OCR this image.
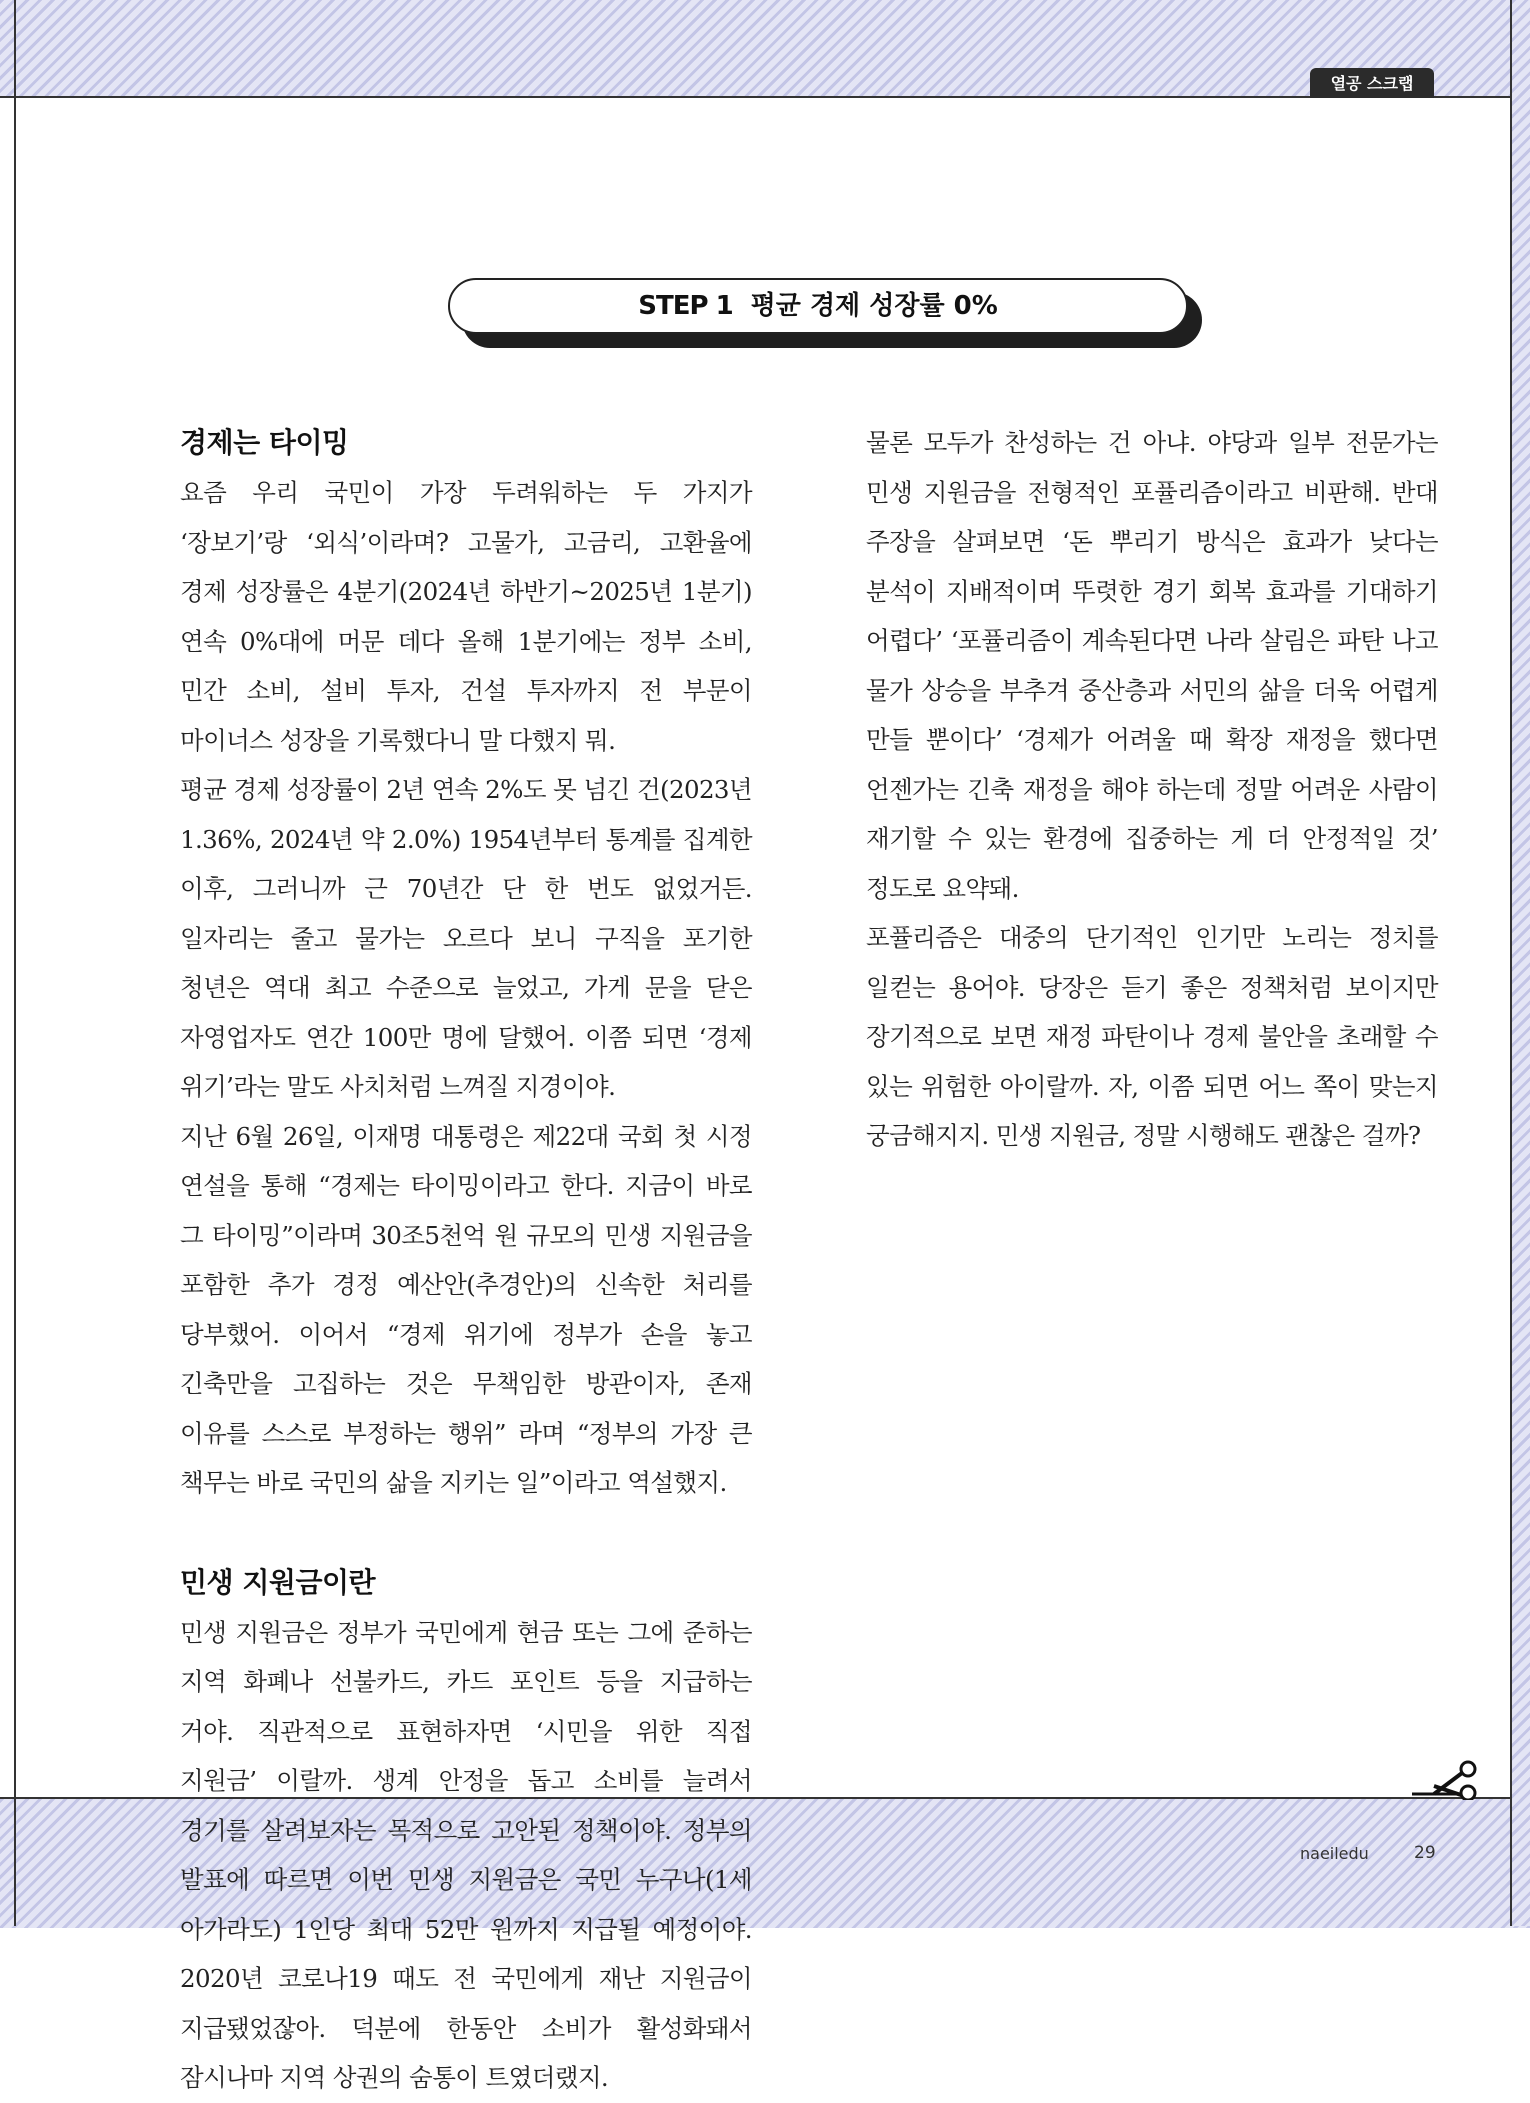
열공 스크랩
STEP 1 평균 경제 성장률 0%
경제는 타이밍

요즘 우리 국민이 가장 두려워하는 두 가지가 ‘장보기’랑 ‘외식’이라며? 고물가, 고금리, 고환율에 경제 성장률은 4분기(2024년 하반기~2025년 1분기) 연속 0%대에 머문 데다 올해 1분기에는 정부 소비, 민간 소비, 설비 투자, 건설 투자까지 전 부문이 마이너스 성장을 기록했다니 말 다했지 뭐.

평균 경제 성장률이 2년 연속 2%도 못 넘긴 건(2023년 1.36%, 2024년 약 2.0%) 1954년부터 통계를 집계한 이후, 그러니까 근 70년간 단 한 번도 없었거든. 일자리는 줄고 물가는 오르다 보니 구직을 포기한 청년은 역대 최고 수준으로 늘었고, 가게 문을 닫은 자영업자도 연간 100만 명에 달했어. 이쯤 되면 ‘경제 위기’라는 말도 사치처럼 느껴질 지경이야.

지난 6월 26일, 이재명 대통령은 제22대 국회 첫 시정 연설을 통해 “경제는 타이밍이라고 한다. 지금이 바로 그 타이밍”이라며 30조5천억 원 규모의 민생 지원금을 포함한 추가 경정 예산안(추경안)의 신속한 처리를 당부했어. 이어서 “경제 위기에 정부가 손을 놓고 긴축만을 고집하는 것은 무책임한 방관이자, 존재 이유를 스스로 부정하는 행위” 라며 “정부의 가장 큰 책무는 바로 국민의 삶을 지키는 일”이라고 역설했지.

민생 지원금이란

민생 지원금은 정부가 국민에게 현금 또는 그에 준하는 지역 화폐나 선불카드, 카드 포인트 등을 지급하는 거야. 직관적으로 표현하자면 ‘시민을 위한 직접 지원금’ 이랄까. 생계 안정을 돕고 소비를 늘려서 경기를 살려보자는 목적으로 고안된 정책이야. 정부의 발표에 따르면 이번 민생 지원금은 국민 누구나(1세 아가라도) 1인당 최대 52만 원까지 지급될 예정이야. 2020년 코로나19 때도 전 국민에게 재난 지원금이 지급됐었잖아. 덕분에 한동안 소비가 활성화돼서 잠시나마 지역 상권의 숨통이 트였더랬지.

물론 모두가 찬성하는 건 아냐. 야당과 일부 전문가는 민생 지원금을 전형적인 포퓰리즘이라고 비판해. 반대 주장을 살펴보면 ‘돈 뿌리기 방식은 효과가 낮다는 분석이 지배적이며 뚜렷한 경기 회복 효과를 기대하기 어렵다’ ‘포퓰리즘이 계속된다면 나라 살림은 파탄 나고 물가 상승을 부추겨 중산층과 서민의 삶을 더욱 어렵게 만들 뿐이다’ ‘경제가 어려울 때 확장 재정을 했다면 언젠가는 긴축 재정을 해야 하는데 정말 어려운 사람이 재기할 수 있는 환경에 집중하는 게 더 안정적일 것’ 정도로 요약돼.

포퓰리즘은 대중의 단기적인 인기만 노리는 정치를 일컫는 용어야. 당장은 듣기 좋은 정책처럼 보이지만 장기적으로 보면 재정 파탄이나 경제 불안을 초래할 수 있는 위험한 아이랄까. 자, 이쯤 되면 어느 쪽이 맞는지 궁금해지지. 민생 지원금, 정말 시행해도 괜찮은 걸까?

naeiledu	29
